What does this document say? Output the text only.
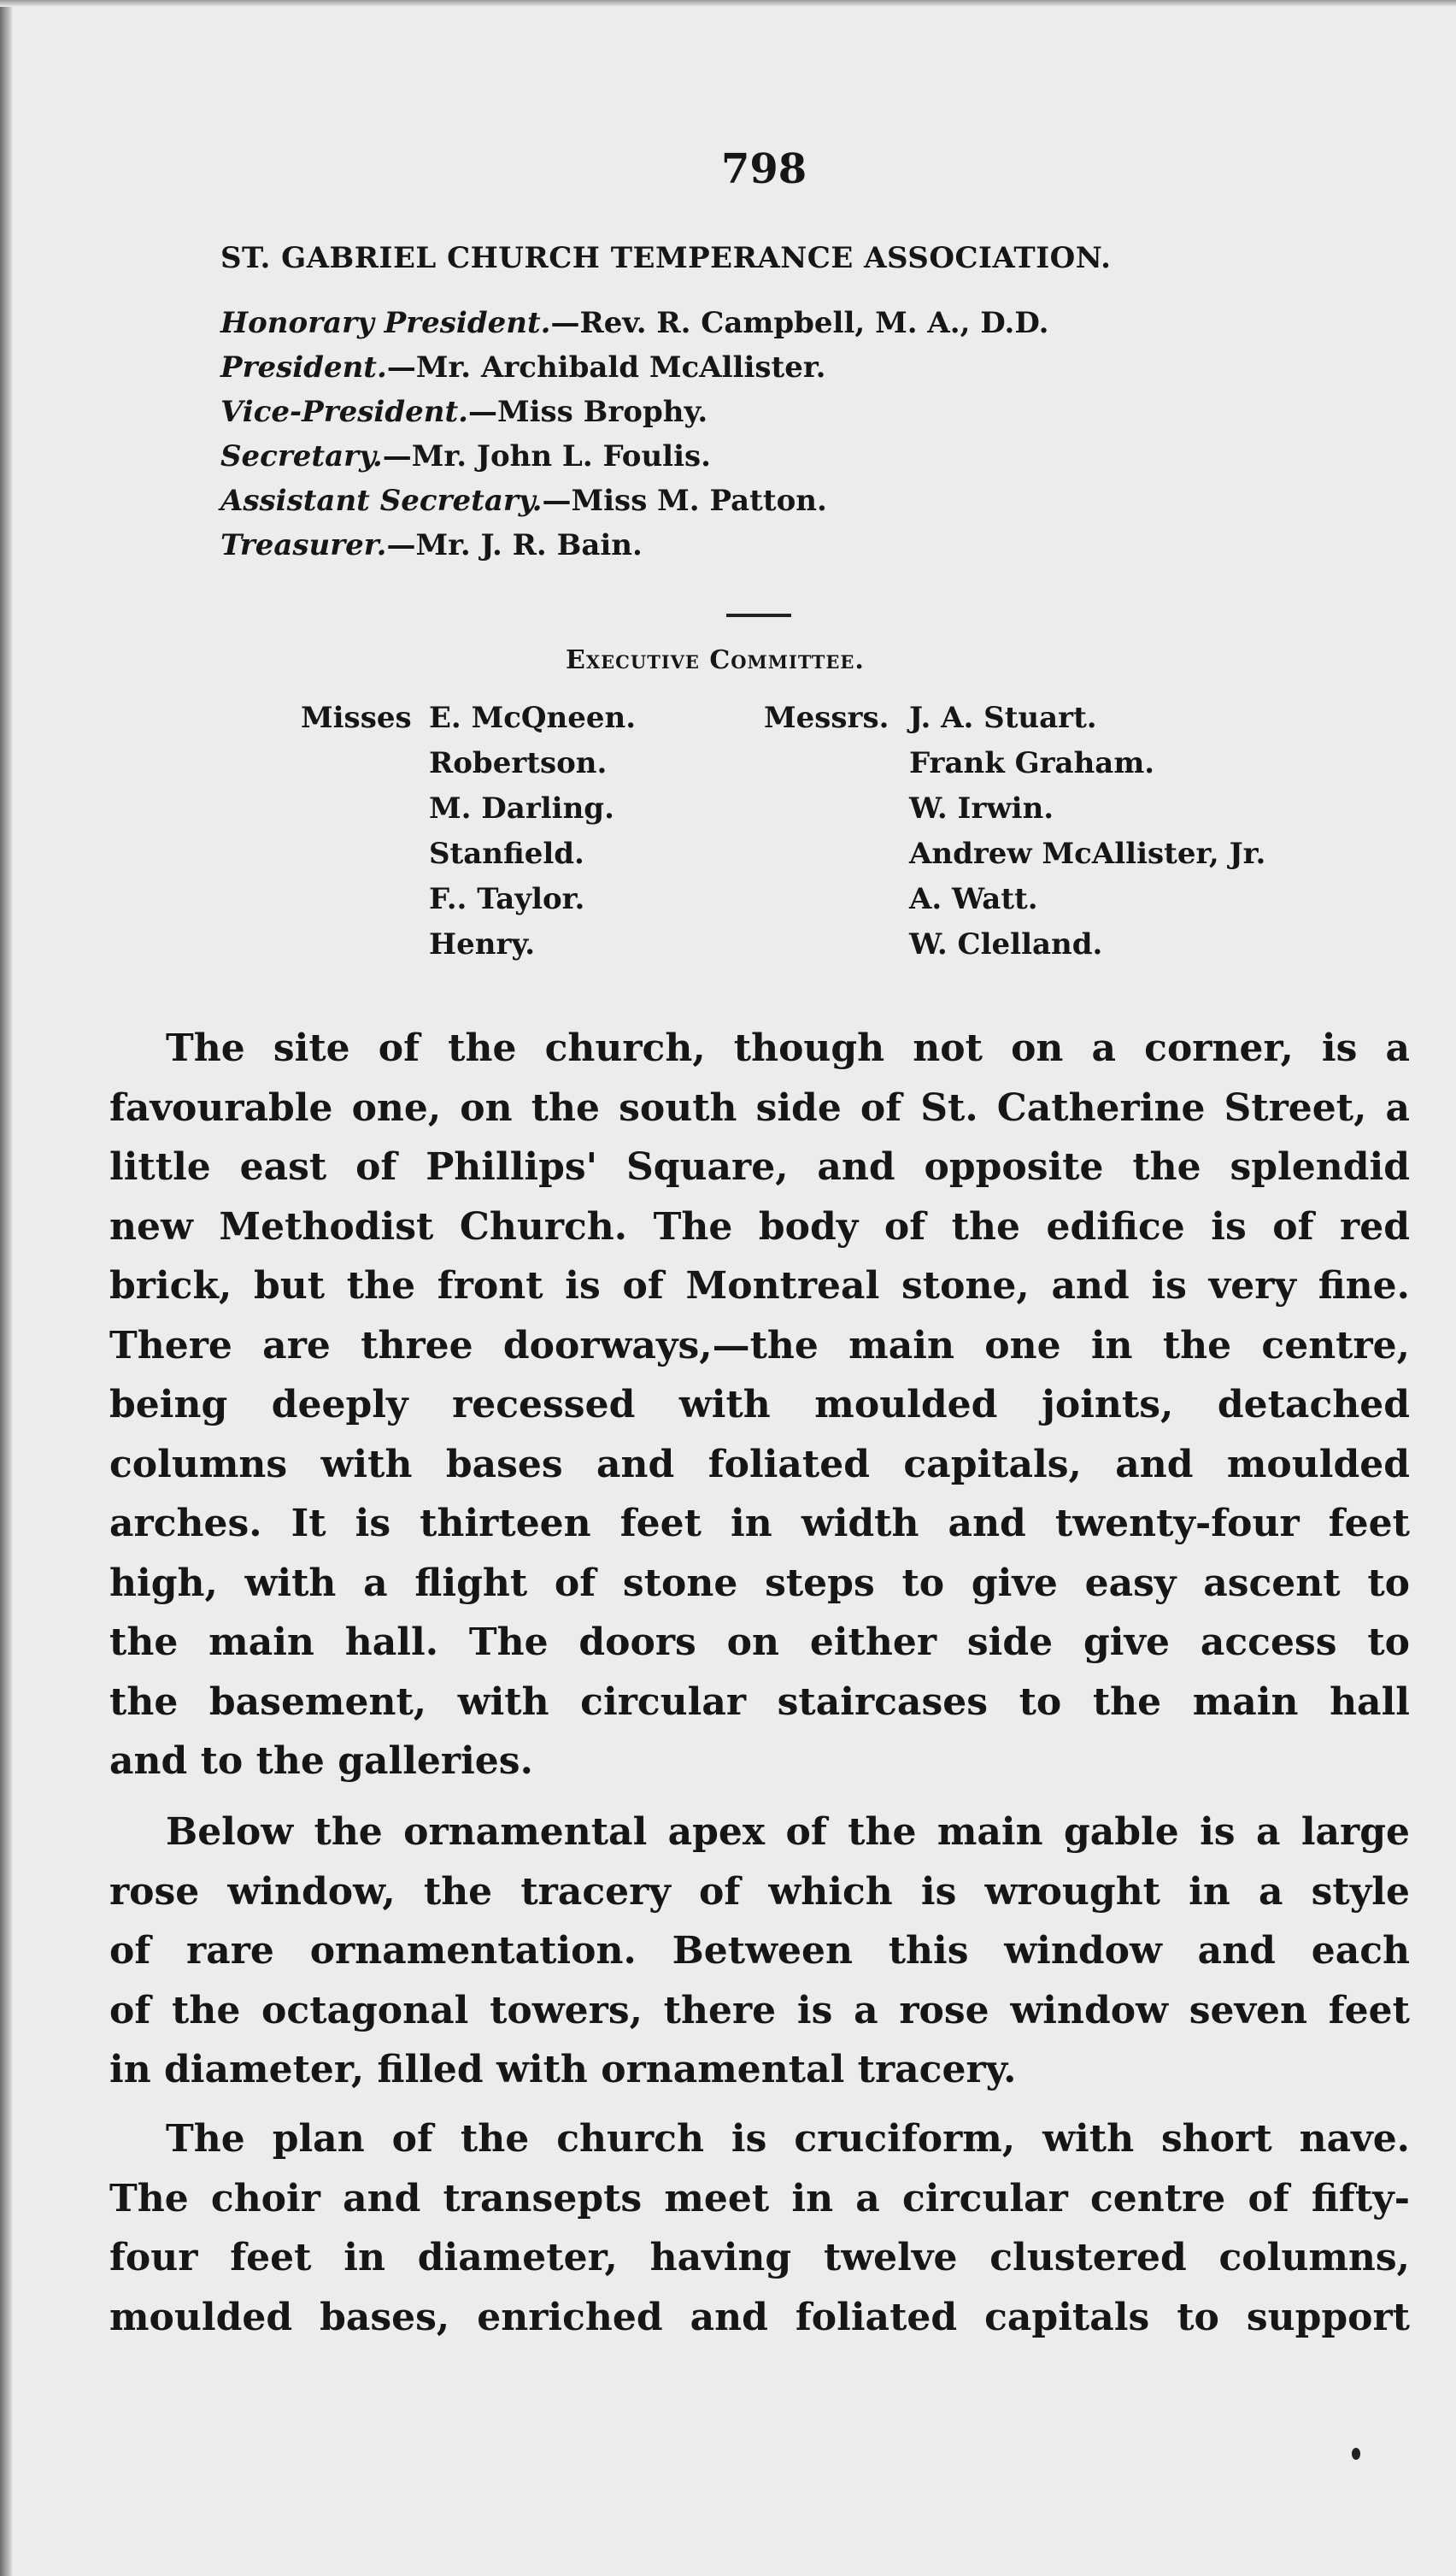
798
ST. GABRIEL CHURCH TEMPERANCE ASSOCIATION.
Honorary President.—Rev. R. Campbell, M. A., D.D.
President.—Mr. Archibald McAllister.
Vice-President.—Miss Brophy.
Secretary.—Mr. John L. Foulis.
Assistant Secretary.—Miss M. Patton.
Treasurer.—Mr. J. R. Bain.
Executive Committee.
Misses E. McQneen.
Robertson.
M. Darling.
Stanfield.
F.. Taylor.
Henry.
Messrs. J. A. Stuart.
Frank Graham.
W. Irwin.
Andrew McAllister, Jr.
A. Watt.
W. Clelland.
The site of the church, though not on a corner, is a
favourable one, on the south side of St. Catherine Street, a
little east of Phillips' Square, and opposite the splendid
new Methodist Church. The body of the edifice is of red
brick, but the front is of Montreal stone, and is very fine.
There are three doorways,—the main one in the centre,
being deeply recessed with moulded joints, detached
columns with bases and foliated capitals, and moulded
arches. It is thirteen feet in width and twenty-four feet
high, with a flight of stone steps to give easy ascent to
the main hall. The doors on either side give access to
the basement, with circular staircases to the main hall
and to the galleries.
Below the ornamental apex of the main gable is a large
rose window, the tracery of which is wrought in a style
of rare ornamentation. Between this window and each
of the octagonal towers, there is a rose window seven feet
in diameter, filled with ornamental tracery.
The plan of the church is cruciform, with short nave.
The choir and transepts meet in a circular centre of fifty-
four feet in diameter, having twelve clustered columns,
moulded bases, enriched and foliated capitals to support
